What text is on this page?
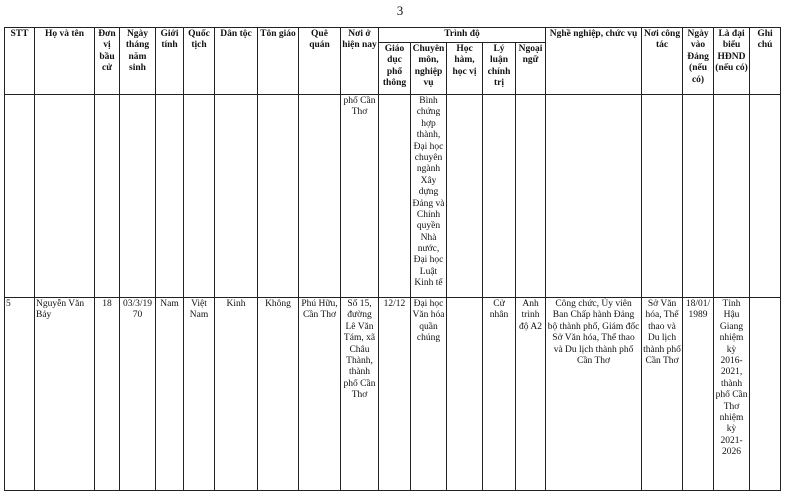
3
STT	Họ và tên	Đơn vị bầu cử	Ngày tháng năm sinh	Giới tính	Quốc tịch	Dân tộc	Tôn giáo	Quê quán	Nơi ở hiện nay	Trình độ					Nghề nghiệp, chức vụ	Nơi công tác	Ngày vào Đảng (nếu có)	Là đại biểu HĐND (nếu có)	Ghi chú
										Giáo dục phổ thông	Chuyên môn, nghiệp vụ	Học hàm, học vị	Lý luận chính trị	Ngoại ngữ					
									phố Cần Thơ		Bình chứng hợp thành, Đại học chuyên ngành Xây dựng Đảng và Chính quyền Nhà nước, Đại học Luật Kinh tế								
5	Nguyễn Văn Bảy	18	03/3/1970	Nam	Việt Nam	Kinh	Không	Phú Hữu, Cần Thơ	Số 15, đường Lê Văn Tám, xã Châu Thành, thành phố Cần Thơ	12/12	Đại học Văn hóa quần chúng		Cử nhân	Anh trình độ A2	Công chức, Ủy viên Ban Chấp hành Đảng bộ thành phố, Giám đốc Sở Văn hóa, Thể thao và Du lịch thành phố Cần Thơ	Sở Văn hóa, Thể thao và Du lịch thành phố Cần Thơ	18/01/1989	Tỉnh Hậu Giang nhiệm kỳ 2016-2021, thành phố Cần Thơ nhiệm kỳ 2021-2026	
